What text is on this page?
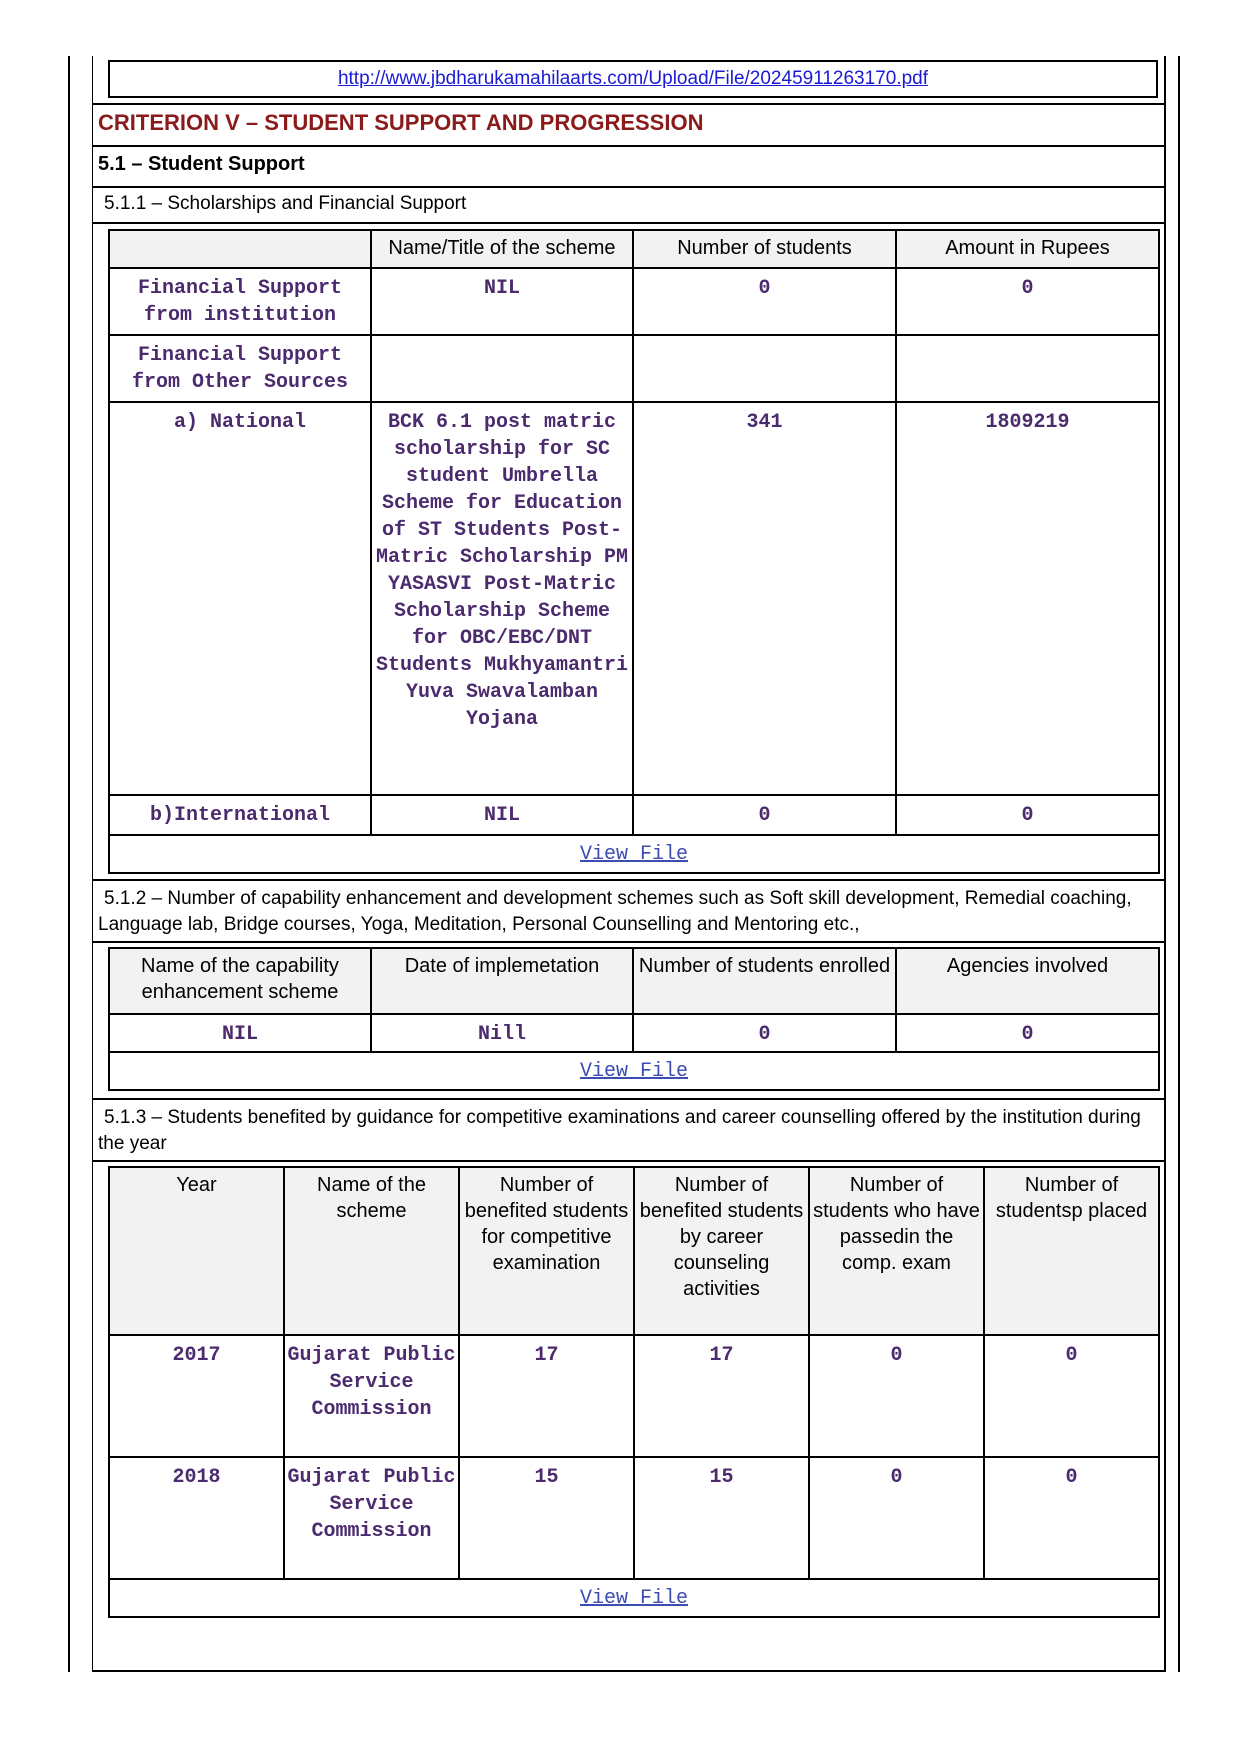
http://www.jbdharukamahilaarts.com/Upload/File/20245911263170.pdf
CRITERION V – STUDENT SUPPORT AND PROGRESSION
5.1 – Student Support
5.1.1 – Scholarships and Financial Support
	Name/Title of the scheme	Number of students	Amount in Rupees
Financial Support from institution	NIL	0	0
Financial Support from Other Sources			
a) National	BCK 6.1 post matric scholarship for SC student Umbrella Scheme for Education of ST Students Post-Matric Scholarship PM YASASVI Post-Matric Scholarship Scheme for OBC/EBC/DNT Students Mukhyamantri Yuva Swavalamban Yojana	341	1809219
b)International	NIL	0	0
View File			
5.1.2 – Number of capability enhancement and development schemes such as Soft skill development, Remedial coaching, Language lab, Bridge courses, Yoga, Meditation, Personal Counselling and Mentoring etc.,
Name of the capability enhancement scheme	Date of implemetation	Number of students enrolled	Agencies involved
NIL	Nill	0	0
View File			
5.1.3 – Students benefited by guidance for competitive examinations and career counselling offered by the institution during the year
Year	Name of the scheme	Number of benefited students for competitive examination	Number of benefited students by career counseling activities	Number of students who have passedin the comp. exam	Number of studentsp placed
2017	Gujarat Public Service Commission	17	17	0	0
2018	Gujarat Public Service Commission	15	15	0	0
View File					
